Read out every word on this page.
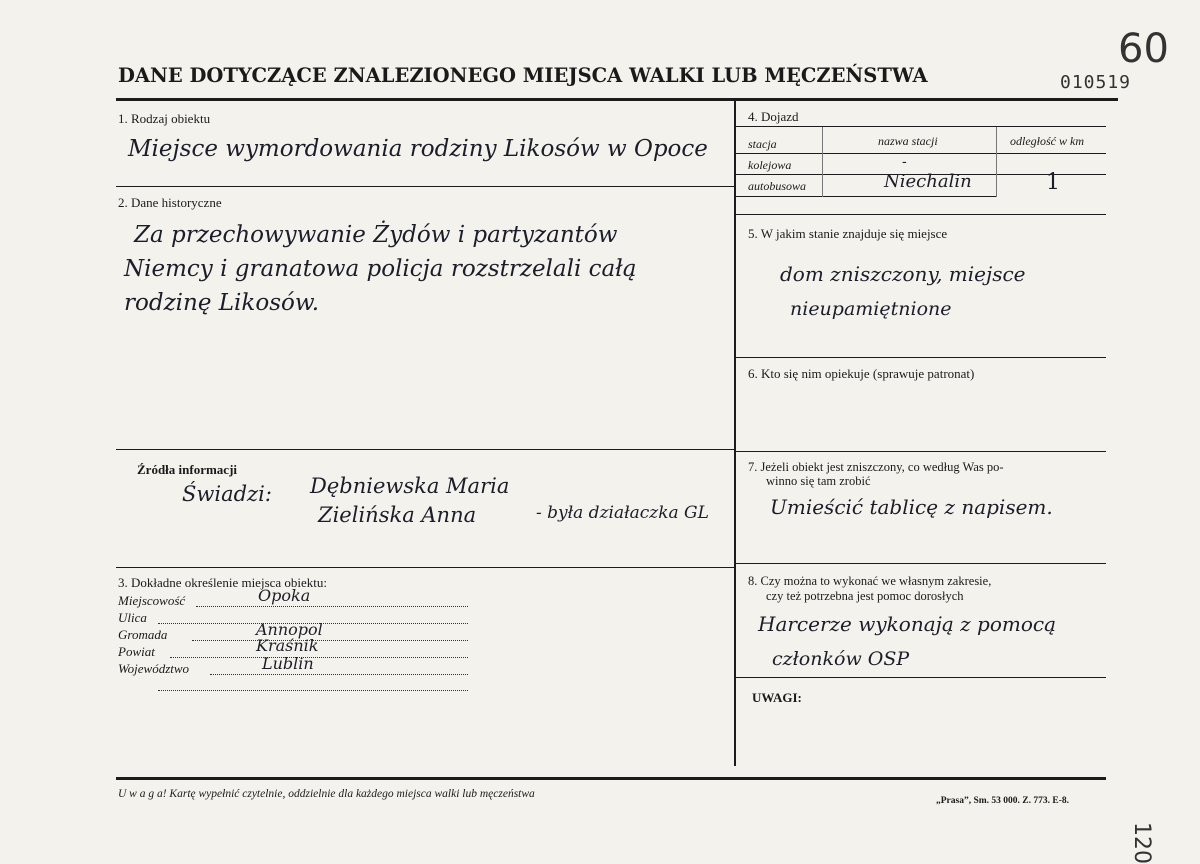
DANE DOTYCZĄCE ZNALEZIONEGO MIEJSCA WALKI LUB MĘCZEŃSTWA	010519
60
1. Rodzaj obiektu
Miejsce wymordowania rodziny Likosów w Opoce
2. Dane historyczne
Za przechowywanie Żydów i partyzantów
Niemcy i granatowa policja rozstrzelali całą
rodzinę Likosów.
Źródła informacji
Świadzi: Dębniewska Maria
Zielińska Anna	- była działaczka GL
3. Dokładne określenie miejsca obiektu:
Miejscowość	Opoka
Ulica
Gromada	Annopol
Powiat	Kraśnik
Województwo	Lublin
4. Dojazd
stacja	nazwa stacji	odległość w km
kolejowa	-
autobusowa	Niechalin	1
5. W jakim stanie znajduje się miejsce
dom zniszczony, miejsce
nieupamiętnione
6. Kto się nim opiekuje (sprawuje patronat)
7. Jeżeli obiekt jest zniszczony, co według Was po-
winno się tam zrobić
Umieścić tablicę z napisem.
8. Czy można to wykonać we własnym zakresie,
czy też potrzebna jest pomoc dorosłych
Harcerze wykonają z pomocą
członków OSP
UWAGI:
U w a g a! Kartę wypełnić czytelnie, oddzielnie dla każdego miejsca walki lub męczeństwa
„Prasa”, Sm. 53 000. Z. 773. E-8.
120
